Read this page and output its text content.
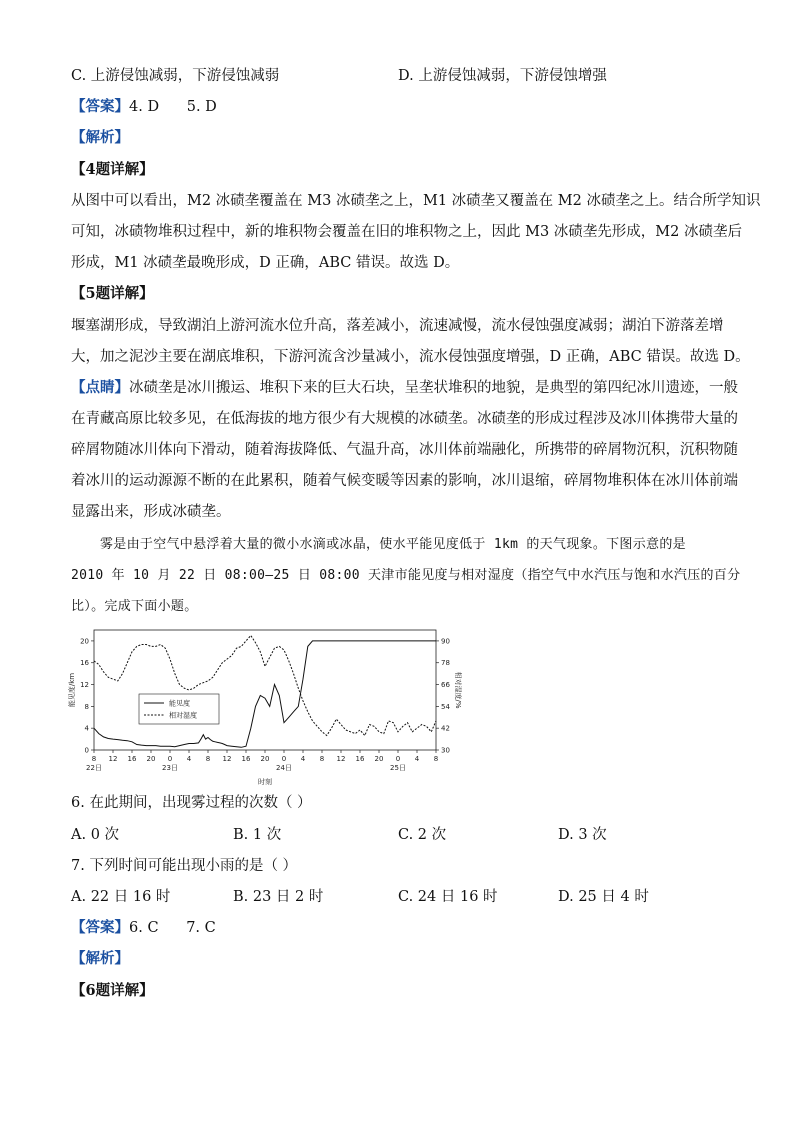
C. 上游侵蚀减弱，下游侵蚀减弱	D. 上游侵蚀减弱，下游侵蚀增强
【答案】4. D      5. D
【解析】
【4题详解】
从图中可以看出，M2 冰碛垄覆盖在 M3 冰碛垄之上，M1 冰碛垄又覆盖在 M2 冰碛垄之上。结合所学知识
可知，冰碛物堆积过程中，新的堆积物会覆盖在旧的堆积物之上，因此 M3 冰碛垄先形成，M2 冰碛垄后
形成，M1 冰碛垄最晚形成，D 正确，ABC 错误。故选 D。
【5题详解】
堰塞湖形成，导致湖泊上游河流水位升高，落差减小，流速减慢，流水侵蚀强度减弱；湖泊下游落差增
大，加之泥沙主要在湖底堆积，下游河流含沙量减小，流水侵蚀强度增强，D 正确，ABC 错误。故选 D。
【点睛】冰碛垄是冰川搬运、堆积下来的巨大石块，呈垄状堆积的地貌，是典型的第四纪冰川遗迹，一般
在青藏高原比较多见，在低海拔的地方很少有大规模的冰碛垄。冰碛垄的形成过程涉及冰川体携带大量的
碎屑物随冰川体向下滑动，随着海拔降低、气温升高，冰川体前端融化，所携带的碎屑物沉积，沉积物随
着冰川的运动源源不断的在此累积，随着气候变暖等因素的影响，冰川退缩，碎屑物堆积体在冰川体前端
显露出来，形成冰碛垄。
雾是由于空气中悬浮着大量的微小水滴或冰晶，使水平能见度低于 1km 的天气现象。下图示意的是
2010 年 10 月 22 日 08:00—25 日 08:00 天津市能见度与相对湿度（指空气中水汽压与饱和水汽压的百分
比）。完成下面小题。
0
4
8
12
16
20
30
42
54
66
78
90
8 12 16 20 0 4 8 12 16 20 0 4 8 12 16 20 0 4 8
22日	23日	24日	25日
能见度/km	相对湿度/%
时刻
能见度
相对湿度
6. 在此期间，出现雾过程的次数（ ）
A. 0 次	B. 1 次	C. 2 次	D. 3 次
7. 下列时间可能出现小雨的是（ ）
A. 22 日 16 时	B. 23 日 2 时	C. 24 日 16 时	D. 25 日 4 时
【答案】6. C      7. C
【解析】
【6题详解】
